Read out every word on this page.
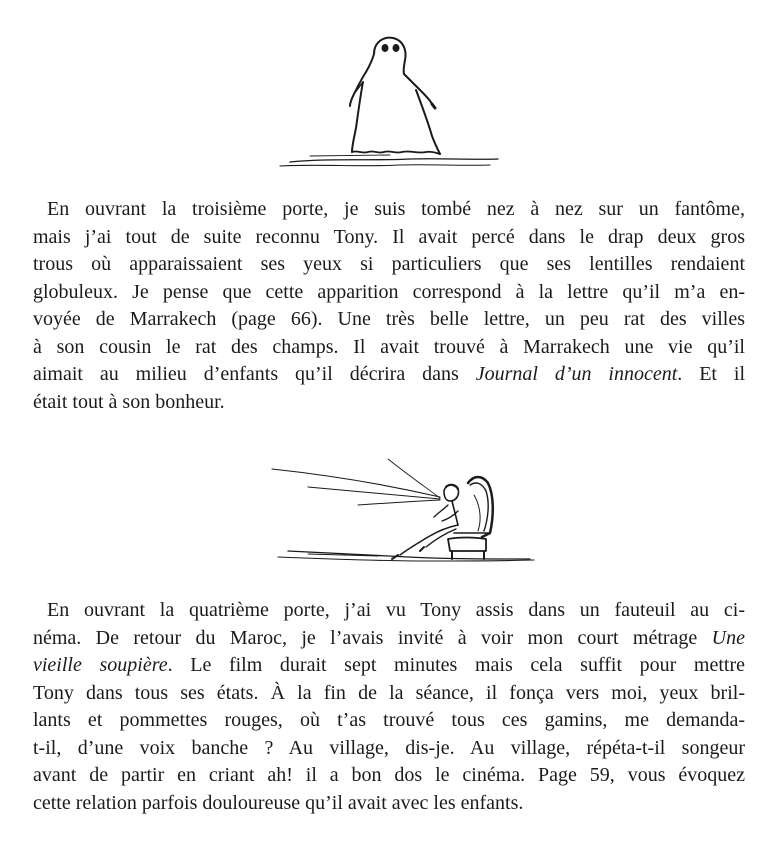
En ouvrant la troisième porte, je suis tombé nez à nez sur un fantôme,
mais j’ai tout de suite reconnu Tony. Il avait percé dans le drap deux gros
trous où apparaissaient ses yeux si particuliers que ses lentilles rendaient
globuleux. Je pense que cette apparition correspond à la lettre qu’il m’a en-
voyée de Marrakech (page 66). Une très belle lettre, un peu rat des villes
à son cousin le rat des champs. Il avait trouvé à Marrakech une vie qu’il
aimait au milieu d’enfants qu’il décrira dans Journal d’un innocent. Et il
était tout à son bonheur.
En ouvrant la quatrième porte, j’ai vu Tony assis dans un fauteuil au ci-
néma. De retour du Maroc, je l’avais invité à voir mon court métrage Une
vieille soupière. Le film durait sept minutes mais cela suffit pour mettre
Tony dans tous ses états. À la fin de la séance, il fonça vers moi, yeux bril-
lants et pommettes rouges, où t’as trouvé tous ces gamins, me demanda-
t-il, d’une voix banche ? Au village, dis-je. Au village, répéta-t-il songeur
avant de partir en criant ah! il a bon dos le cinéma. Page 59, vous évoquez
cette relation parfois douloureuse qu’il avait avec les enfants.
